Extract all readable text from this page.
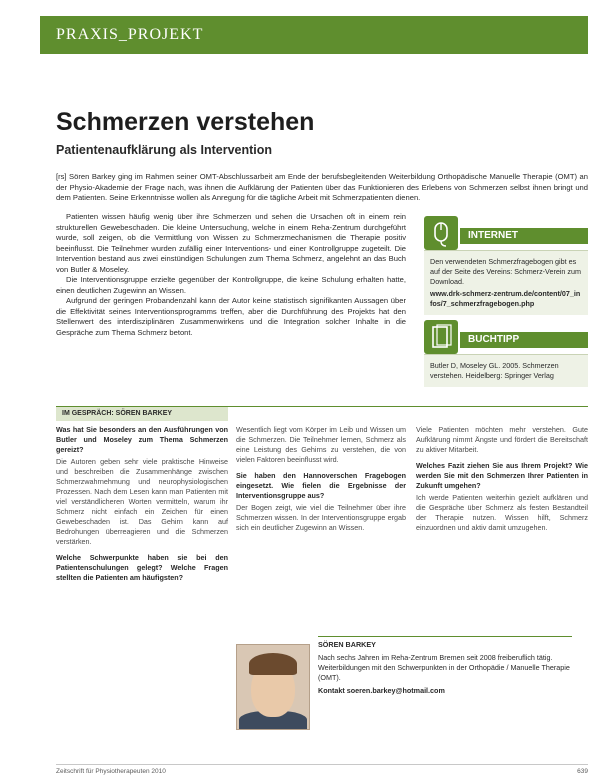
PRAXIS_PROJEKT
Schmerzen verstehen
Patientenaufklärung als Intervention
[rs] Sören Barkey ging im Rahmen seiner OMT-Abschlussarbeit am Ende der berufsbegleitenden Weiterbildung Orthopädische Manuelle Therapie (OMT) an der Physio-Akademie der Frage nach, was ihnen die Aufklärung der Patienten über das Funktionieren des Erlebens von Schmerzen selbst ihnen bringt und dem Patienten. Seine Erkenntnisse wollen als Anregung für die tägliche Arbeit mit Schmerzpatienten dienen.

Patienten wissen häufig wenig über ihre Schmerzen und sehen die Ursachen oft in einem rein strukturellen Gewebeschaden. Die kleine Untersuchung, welche in einem Reha-Zentrum durchgeführt wurde, soll zeigen, ob die Vermittlung von Wissen zu Schmerzmechanismen die Therapie positiv beeinflusst. Die Teilnehmer wurden zufällig einer Interventions- und einer Kontrollgruppe zugeteilt. Die Intervention bestand aus zwei einstündigen Schulungen zum Thema Schmerz, angelehnt an das Buch von Butler & Moseley.

Die Interventionsgruppe erzielte gegenüber der Kontrollgruppe, die keine Schulung erhalten hatte, einen deutlichen Zugewinn an Wissen.

Aufgrund der geringen Probandenzahl kann der Autor keine statistisch signifikanten Aussagen über die Effektivität seines Interventionsprogramms treffen, aber die Durchführung des Projekts hat den Stellenwert des interdisziplinären Zusammenwirkens und die Integration solcher Inhalte in die Gespräche zum Thema Schmerz betont.

INTERNET
Den verwendeten Schmerzfragebogen gibt es auf der Seite des Vereins: Schmerz-Verein zum Download.
www.drk-schmerz-zentrum.de/content/07_infos/7_schmerzfragebogen.php
BUCHTIPP
Butler D, Moseley GL. 2005. Schmerzen verstehen. Heidelberg: Springer Verlag
IM GESPRÄCH: SÖREN BARKEY
Was hat Sie besonders an den Ausführungen von Butler und Moseley zum Thema Schmerzen gereizt?
Die Autoren geben sehr viele praktische Hinweise und beschreiben die Zusammenhänge zwischen Schmerzwahrnehmung und neurophysiologischen Prozessen. Nach dem Lesen kann man Patienten mit viel verständlicheren Worten vermitteln, warum ihr Schmerz nicht einfach ein Zeichen für einen Gewebeschaden ist. Das Gehirn kann auf Bedrohungen überreagieren und die Schmerzen verstärken.
Welche Schwerpunkte haben sie bei den Patientenschulungen gelegt? Welche Fragen stellten die Patienten am häufigsten?
Wesentlich liegt vom Körper im Leib und Wissen um die Schmerzen. Die Teilnehmer lernen, Schmerz als eine Leistung des Gehirns zu verstehen, die von vielen Faktoren beeinflusst wird.
Sie haben den Hannoverschen Fragebogen eingesetzt. Wie fielen die Ergebnisse der Interventionsgruppe aus?
Der Bogen zeigt, wie viel die Teilnehmer über ihre Schmerzen wissen. In der Interventionsgruppe ergab sich ein deutlicher Zugewinn an Wissen.
Viele Patienten möchten mehr verstehen. Gute Aufklärung nimmt Ängste und fördert die Bereitschaft zu aktiver Mitarbeit.
Welches Fazit ziehen Sie aus Ihrem Projekt? Wie werden Sie mit den Schmerzen Ihrer Patienten in Zukunft umgehen?
Ich werde Patienten weiterhin gezielt aufklären und die Gespräche über Schmerz als festen Bestandteil der Therapie nutzen. Wissen hilft, Schmerz einzuordnen und aktiv damit umzugehen.
SÖREN BARKEY
Nach sechs Jahren im Reha-Zentrum Bremen seit 2008 freiberuflich tätig. Weiterbildungen mit den Schwerpunkten in der Orthopädie / Manuelle Therapie (OMT).
Kontakt soeren.barkey@hotmail.com
Zeitschrift für Physiotherapeuten 2010	639
